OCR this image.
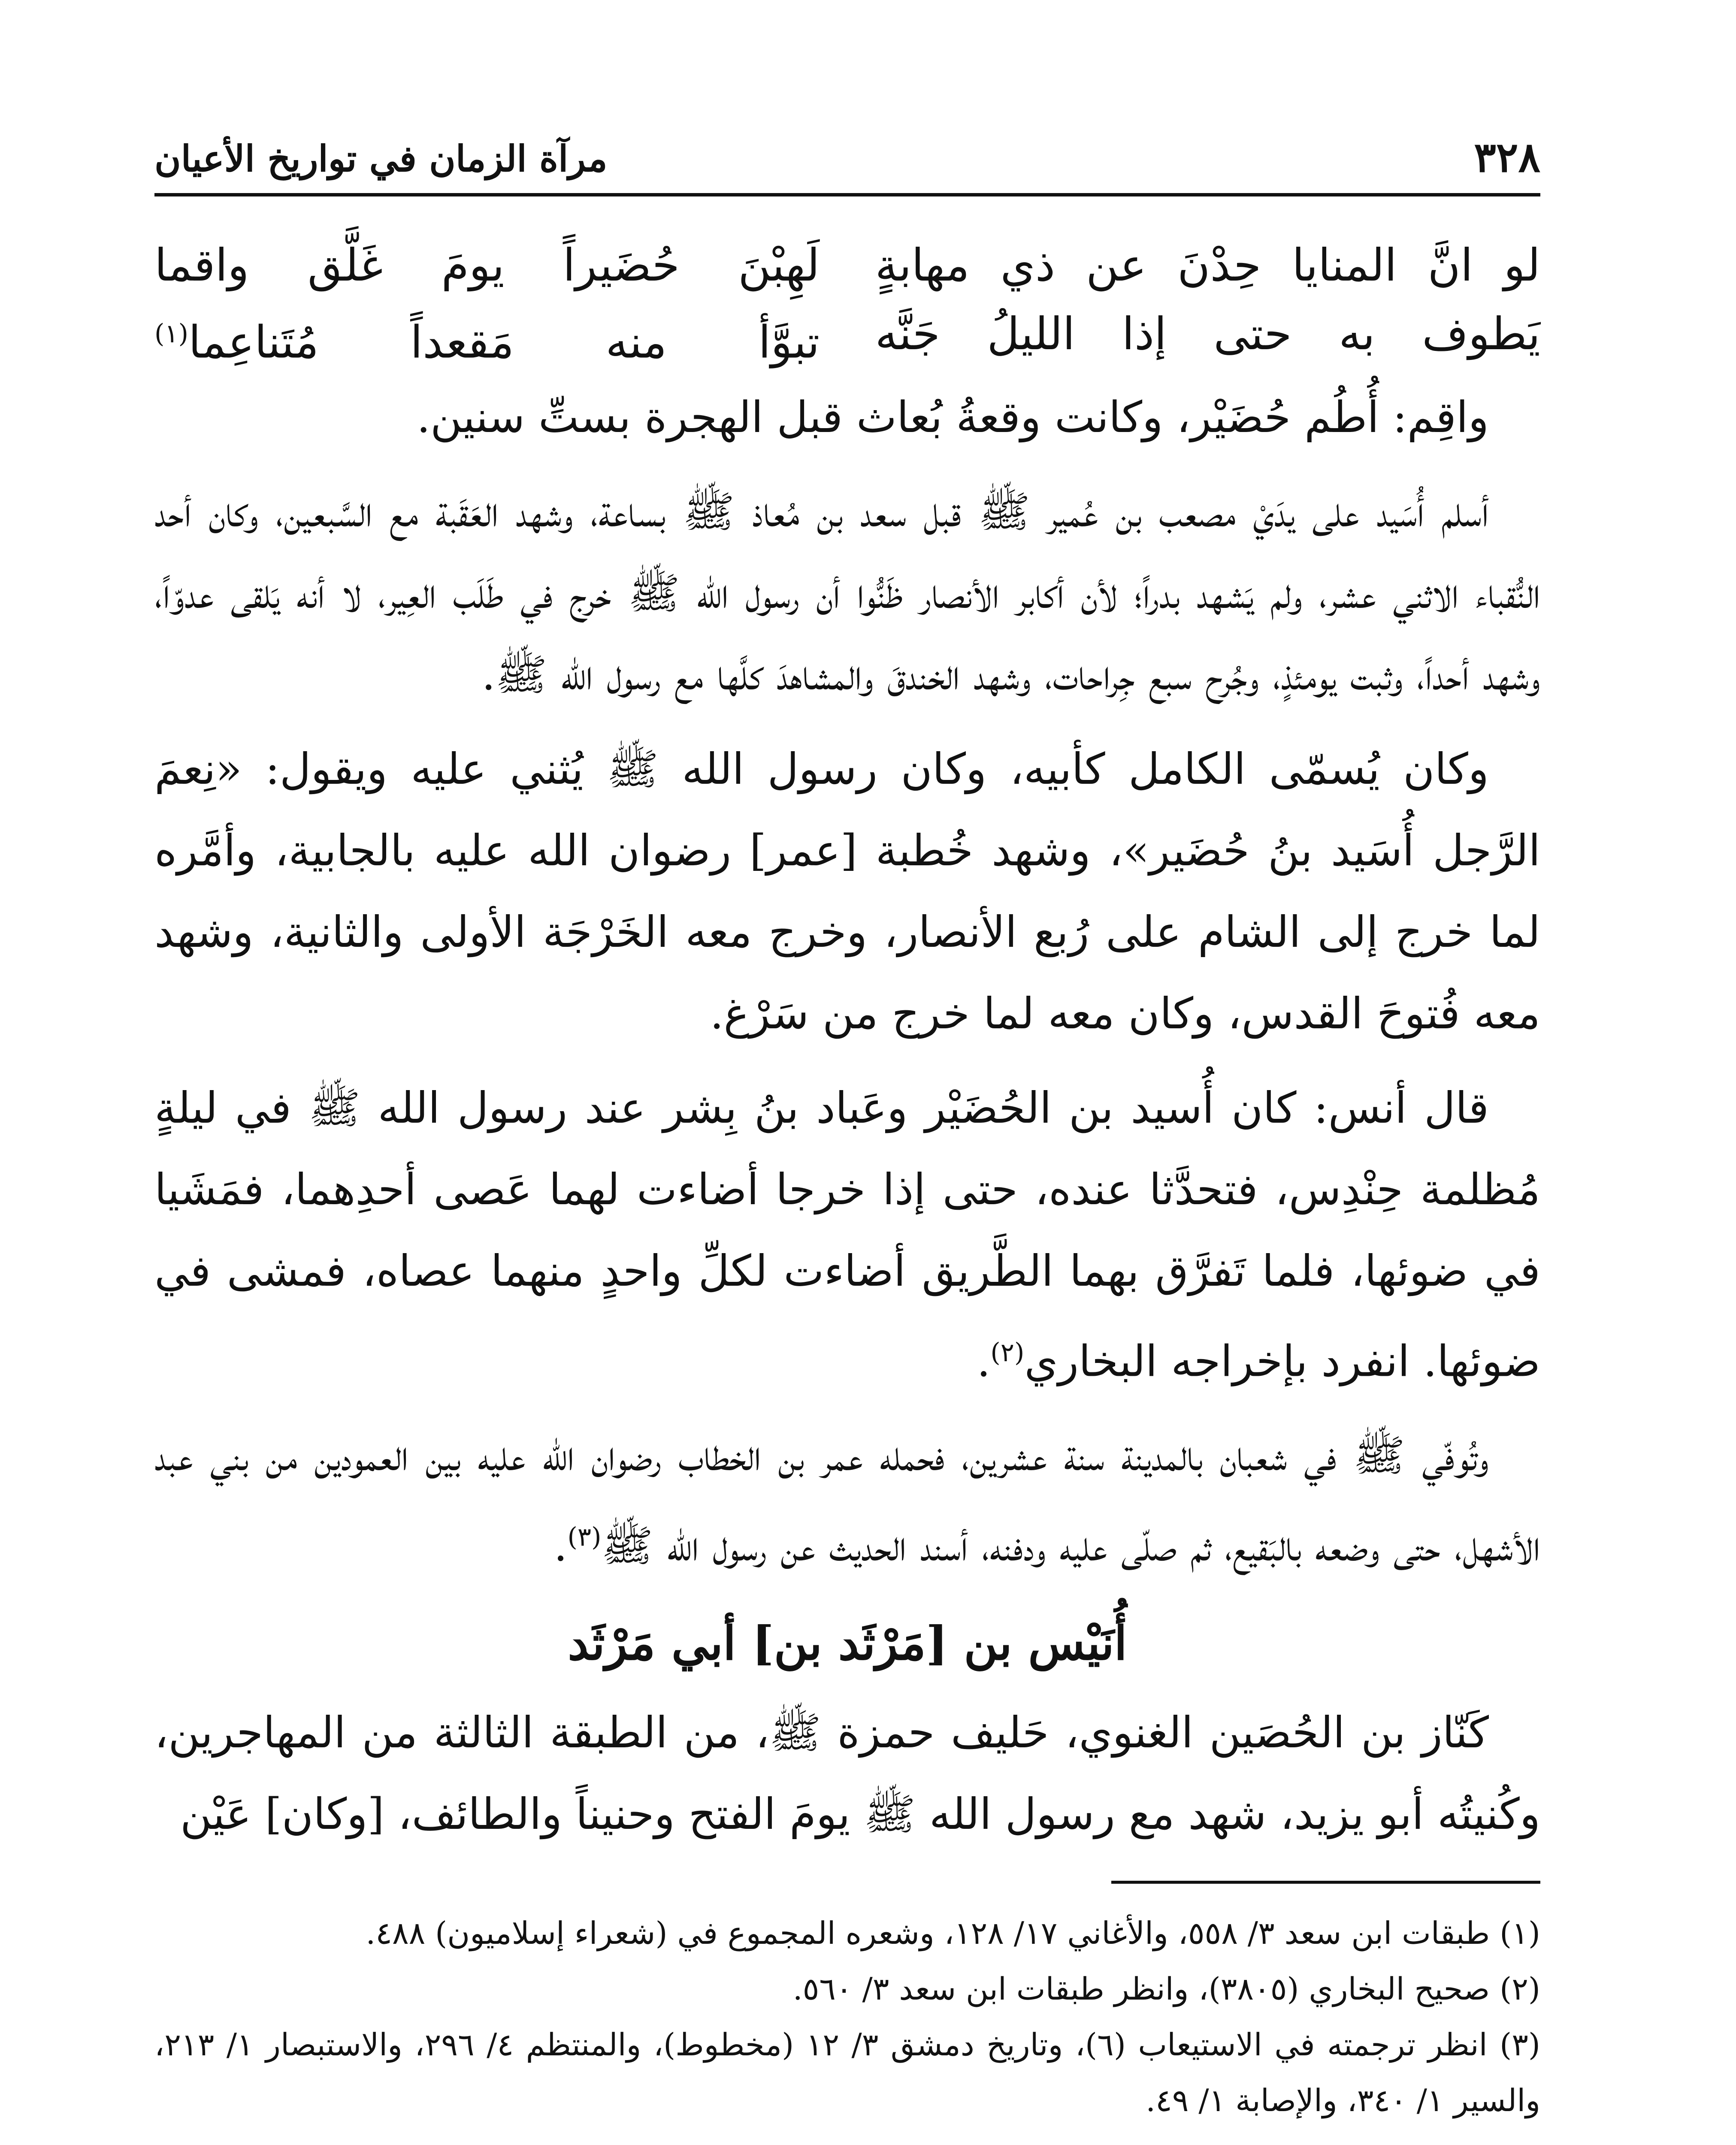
٣٢٨
مرآة الزمان في تواريخ الأعيان
لو انَّ المنايا حِدْنَ عن ذي مهابةٍ
لَهِبْنَ حُضَيراً يومَ غَلَّق واقما
يَطوف به حتى إذا الليلُ جَنَّه
تبوَّأ منه مَقعداً مُتَناعِما$^{(١)}$

واقِم: أُطُم حُضَيْر، وكانت وقعةُ بُعاث قبل الهجرة بستِّ سنين.

أسلم أُسَيد على يدَيْ مصعب بن عُمير ﷺ قبل سعد بن مُعاذ ﷺ بساعة، وشهد العَقَبة مع السَّبعين، وكان أحد النُّقباء الاثني عشر، ولم يَشهد بدراً؛ لأن أكابر الأنصار ظَنُّوا أن رسول الله ﷺ خرج في طَلَب العِير، لا أنه يَلقى عدوّاً، وشهد أحداً، وثبت يومئذٍ، وجُرح سبع جِراحات، وشهد الخندقَ والمشاهدَ كلَّها مع رسول الله ﷺ.

وكان يُسمّى الكامل كأبيه، وكان رسول الله ﷺ يُثني عليه ويقول: «نِعمَ الرَّجل أُسَيد بنُ حُضَير»، وشهد خُطبة [عمر] رضوان الله عليه بالجابية، وأمَّره لما خرج إلى الشام على رُبع الأنصار، وخرج معه الخَرْجَة الأولى والثانية، وشهد معه فُتوحَ القدس، وكان معه لما خرج من سَرْغ.

قال أنس: كان أُسيد بن الحُضَيْر وعَباد بنُ بِشر عند رسول الله ﷺ في ليلةٍ مُظلمة حِنْدِس، فتحدَّثا عنده، حتى إذا خرجا أضاءت لهما عَصى أحدِهما، فمَشَيا في ضوئها، فلما تَفرَّق بهما الطَّريق أضاءت لكلِّ واحدٍ منهما عصاه، فمشى في ضوئها. انفرد بإخراجه البخاري$^{(٢)}$.

وتُوفّي ﷺ في شعبان بالمدينة سنة عشرين، فحمله عمر بن الخطاب رضوان الله عليه بين العمودين من بني عبد الأشهل، حتى وضعه بالبَقيع، ثم صلّى عليه ودفنه، أسند الحديث عن رسول الله ﷺ$^{(٣)}$.

أُنَيْس بن [مَرْثَد بن] أبي مَرْثَد

كَنّاز بن الحُصَين الغنوي، حَليف حمزة ﷺ، من الطبقة الثالثة من المهاجرين، وكُنيتُه أبو يزيد، شهد مع رسول الله ﷺ يومَ الفتح وحنيناً والطائف، [وكان] عَيْن

(١) طبقات ابن سعد ٣/ ٥٥٨، والأغاني ١٧/ ١٢٨، وشعره المجموع في (شعراء إسلاميون) ٤٨٨.
(٢) صحيح البخاري (٣٨٠٥)، وانظر طبقات ابن سعد ٣/ ٥٦٠.
(٣) انظر ترجمته في الاستيعاب (٦)، وتاريخ دمشق ٣/ ١٢ (مخطوط)، والمنتظم ٤/ ٢٩٦، والاستبصار ١/ ٢١٣، والسير ١/ ٣٤٠، والإصابة ١/ ٤٩.
